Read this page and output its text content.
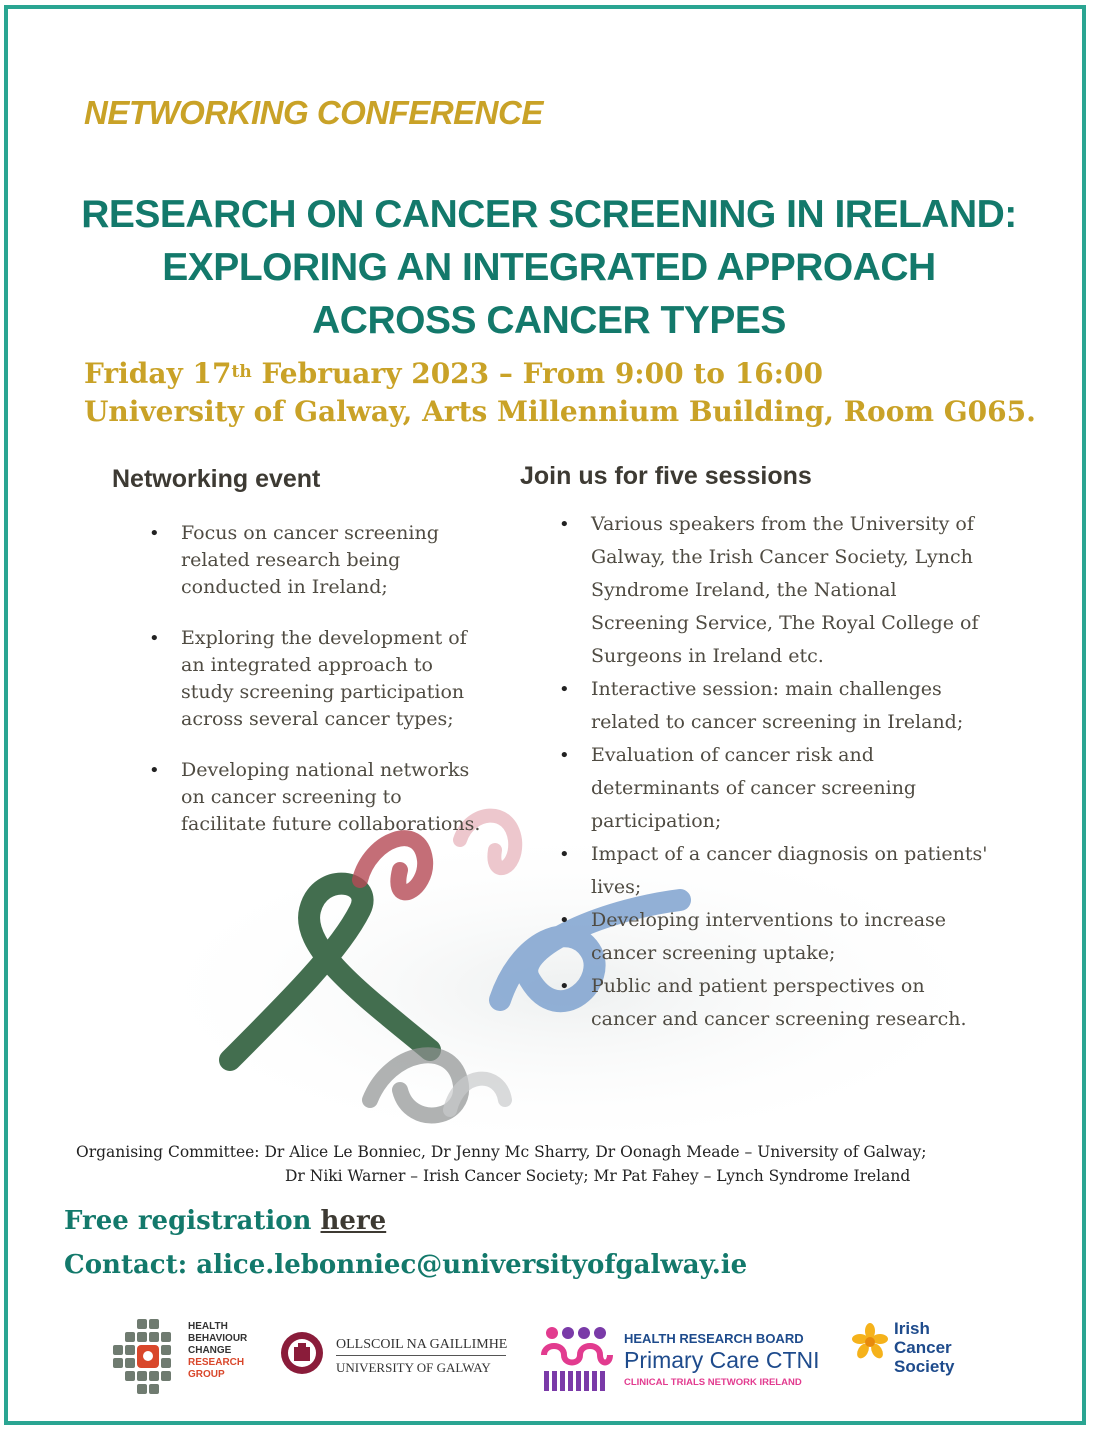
NETWORKING CONFERENCE
RESEARCH ON CANCER SCREENING IN IRELAND:
EXPLORING AN INTEGRATED APPROACH
ACROSS CANCER TYPES
Friday 17th February 2023 – From 9:00 to 16:00
University of Galway, Arts Millennium Building, Room G065.
Networking event
• Focus on cancer screening related research being conducted in Ireland;
• Exploring the development of an integrated approach to study screening participation across several cancer types;
• Developing national networks on cancer screening to facilitate future collaborations.
Join us for five sessions
• Various speakers from the University of Galway, the Irish Cancer Society, Lynch Syndrome Ireland, the National Screening Service, The Royal College of Surgeons in Ireland etc.
• Interactive session: main challenges related to cancer screening in Ireland;
• Evaluation of cancer risk and determinants of cancer screening participation;
• Impact of a cancer diagnosis on patients' lives;
• Developing interventions to increase cancer screening uptake;
• Public and patient perspectives on cancer and cancer screening research.
Organising Committee: Dr Alice Le Bonniec, Dr Jenny Mc Sharry, Dr Oonagh Meade – University of Galway;
Dr Niki Warner – Irish Cancer Society; Mr Pat Fahey – Lynch Syndrome Ireland
Free registration here
Contact: alice.lebonniec@universityofgalway.ie
HEALTH
BEHAVIOUR
CHANGE
RESEARCH
GROUP
OLLSCOIL NA GAILLIMHE
UNIVERSITY OF GALWAY
HEALTH RESEARCH BOARD
Primary Care CTNI
CLINICAL TRIALS NETWORK IRELAND
Irish
Cancer
Society
